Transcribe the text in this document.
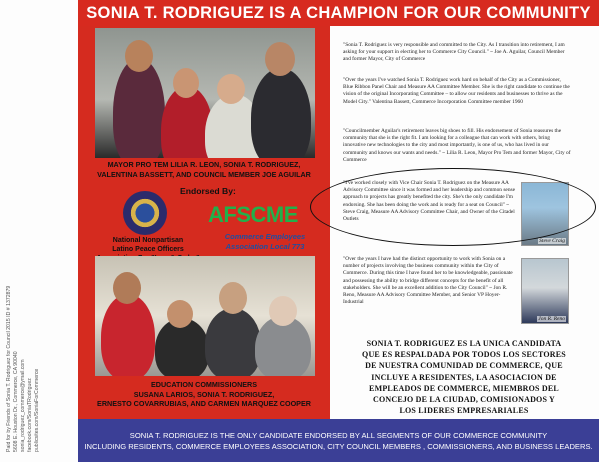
SONIA T. RODRIGUEZ IS A CHAMPION FOR OUR COMMUNITY
MAYOR PRO TEM LILIA R. LEON, SONIA T. RODRIGUEZ,
VALENTINA BASSETT, AND COUNCIL MEMBER JOE AGUILAR
Endorsed By:
National Nonpartisan
Latino Peace Officers
AFSCME
Commerce Employees
Association Local 773
EDUCATION COMMISSIONERS
SUSANA LARIOS, SONIA T. RODRIGUEZ,
ERNESTO COVARRUBIAS, AND CARMEN MARQUEZ COOPER

"Sonia T. Rodriguez is very responsible and committed to the City. As I transition into retirement, I am asking for your support in electing her to Commerce City Council." ~ Joe A. Aguilar, Council Member and former Mayor, City of Commerce

"Over the years I've watched Sonia T. Rodriguez work hard on behalf of the City as a Commissioner, Blue Ribbon Panel Chair and Measure AA Committee Member. She is the right candidate to continue the vision of the original Incorporating Committee – to allow our residents and businesses to thrive as the Model City." Valentina Bassett, Commerce Incorporation Committee member 1960

"Councilmember Aguilar's retirement leaves big shoes to fill. His endorsement of Sonia reassures the community that she is the right fit. I am looking for a colleague that can work with others, bring innovative new technologies to the city and most importantly, is one of us, who has lived in our community and knows our wants and needs." ~ Lilia R. Leon, Mayor Pro Tem and former Mayor, City of Commerce

"I've worked closely with Vice Chair Sonia T. Rodriguez on the Measure AA Advisory Committee since it was formed and her leadership and common sense approach to projects has greatly benefited the city. She's the only candidate I'm endorsing. She has been doing the work and is ready for a seat on Council" ~ Steve Craig, Measure AA Advisory Committee Chair, and Owner of the Citadel Outlets

"Over the years I have had the distinct opportunity to work with Sonia on a number of projects involving the business community within the City of Commerce. During this time I have found her to be knowledgeable, passionate and possessing the ability to bridge different concepts for the benefit of all stakeholders. She will be an excellent addition to the City Council" ~ Jon R. Reno, Measure AA Advisory Committee Member, and Senior VP Hoyer-Industrial

Steve Craig
Jon R. Reno
SONIA T. RODRIGUEZ ES LA UNICA CANDIDATA
QUE ES RESPALDADA POR TODOS LOS SECTORES
DE NUESTRA COMUNIDAD DE COMMERCE, QUE
INCLUYE A RESIDENTES, LA ASOCIACION DE
EMPLEADOS DE COMMERCE, MIEMBROS DEL
CONCEJO DE LA CIUDAD, COMISIONADOS Y
LOS LIDERES EMPRESARIALES
SONIA T. RODRIGUEZ IS THE ONLY CANDIDATE ENDORSED BY ALL SEGMENTS OF OUR COMMERCE COMMUNITY
INCLUDING RESIDENTS, COMMERCE EMPLOYEES ASSOCIATION, CITY COUNCIL MEMBERS , COMMISSIONERS, AND BUSINESS LEADERS.
Paid for by Friends of Sonia T. Rodriguez for Council 2015 ID # 1372879 5608 E. Houston Dr., Commerce, CA 90040 sonia_rodriguez_commerce@ymail.com facebook.com/SoniaTRodriguez publicsites.com/SoniaForCommerce
